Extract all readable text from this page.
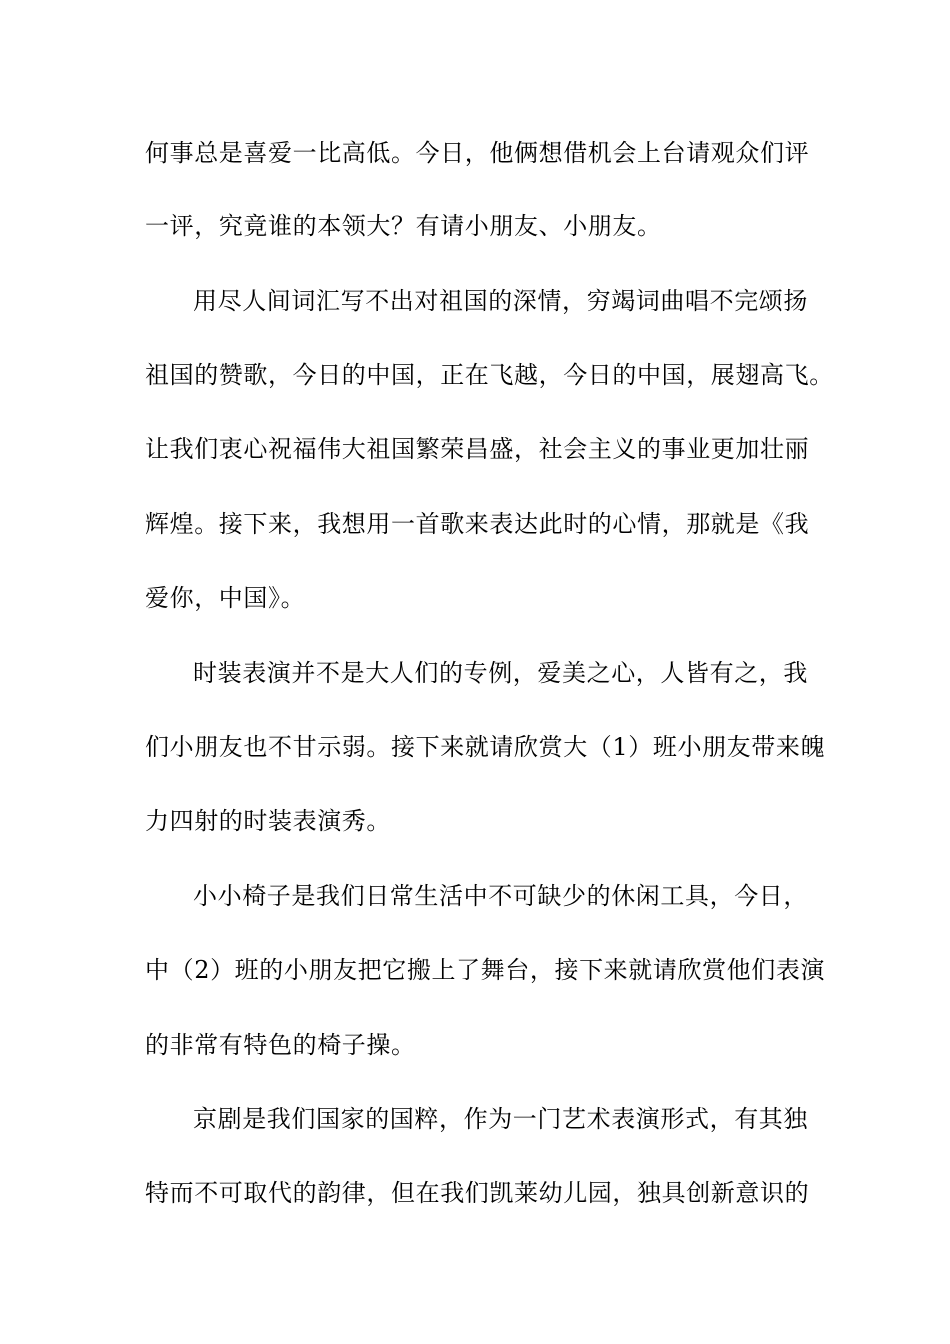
何事总是喜爱一比高低。今日，他俩想借机会上台请观众们评
一评，究竟谁的本领大？有请小朋友、小朋友。
用尽人间词汇写不出对祖国的深情，穷竭词曲唱不完颂扬
祖国的赞歌，今日的中国，正在飞越，今日的中国，展翅高飞。
让我们衷心祝福伟大祖国繁荣昌盛，社会主义的事业更加壮丽
辉煌。接下来，我想用一首歌来表达此时的心情，那就是《我
爱你，中国》。
时装表演并不是大人们的专例，爱美之心，人皆有之，我
们小朋友也不甘示弱。接下来就请欣赏大（1）班小朋友带来魄
力四射的时装表演秀。
小小椅子是我们日常生活中不可缺少的休闲工具，今日，
中（2）班的小朋友把它搬上了舞台，接下来就请欣赏他们表演
的非常有特色的椅子操。
京剧是我们国家的国粹，作为一门艺术表演形式，有其独
特而不可取代的韵律，但在我们凯莱幼儿园，独具创新意识的
